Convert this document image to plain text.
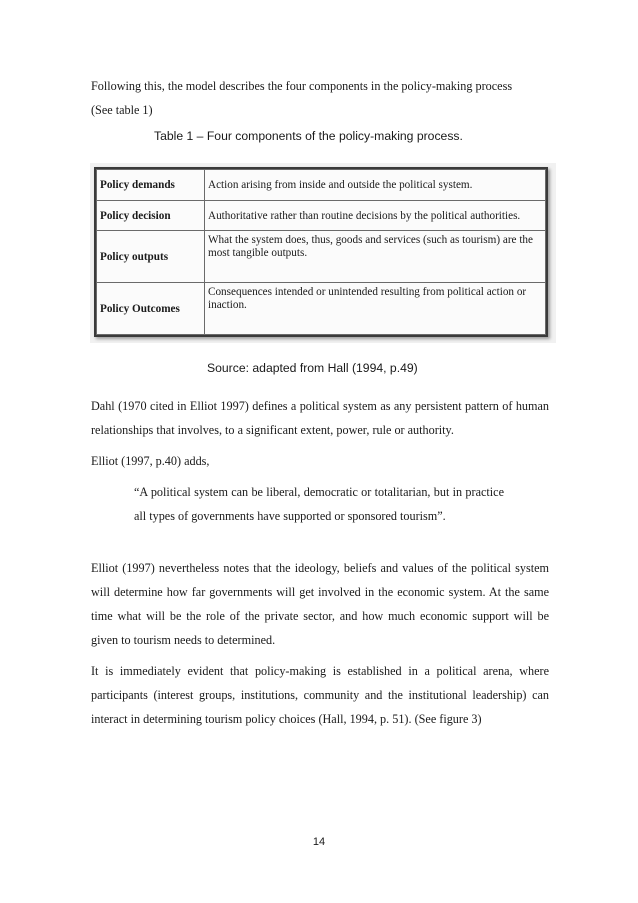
Following this, the model describes the four components in the policy-making process
(See table 1)

Table 1 – Four components of the policy-making process.

Policy demands	Action arising from inside and outside the political system.
Policy decision	Authoritative rather than routine decisions by the political authorities.
Policy outputs	What the system does, thus, goods and services (such as tourism) are the most tangible outputs.
Policy Outcomes	Consequences intended or unintended resulting from political action or inaction.

Source: adapted from Hall (1994, p.49)

Dahl (1970 cited in Elliot 1997) defines a political system as any persistent pattern of human relationships that involves, to a significant extent, power, rule or authority.

Elliot (1997, p.40) adds,

“A political system can be liberal, democratic or totalitarian, but in practice all types of governments have supported or sponsored tourism”.

Elliot (1997) nevertheless notes that the ideology, beliefs and values of the political system will determine how far governments will get involved in the economic system. At the same time what will be the role of the private sector, and how much economic support will be given to tourism needs to determined.

It is immediately evident that policy-making is established in a political arena, where participants (interest groups, institutions, community and the institutional leadership) can interact in determining tourism policy choices (Hall, 1994, p. 51). (See figure 3)

14
